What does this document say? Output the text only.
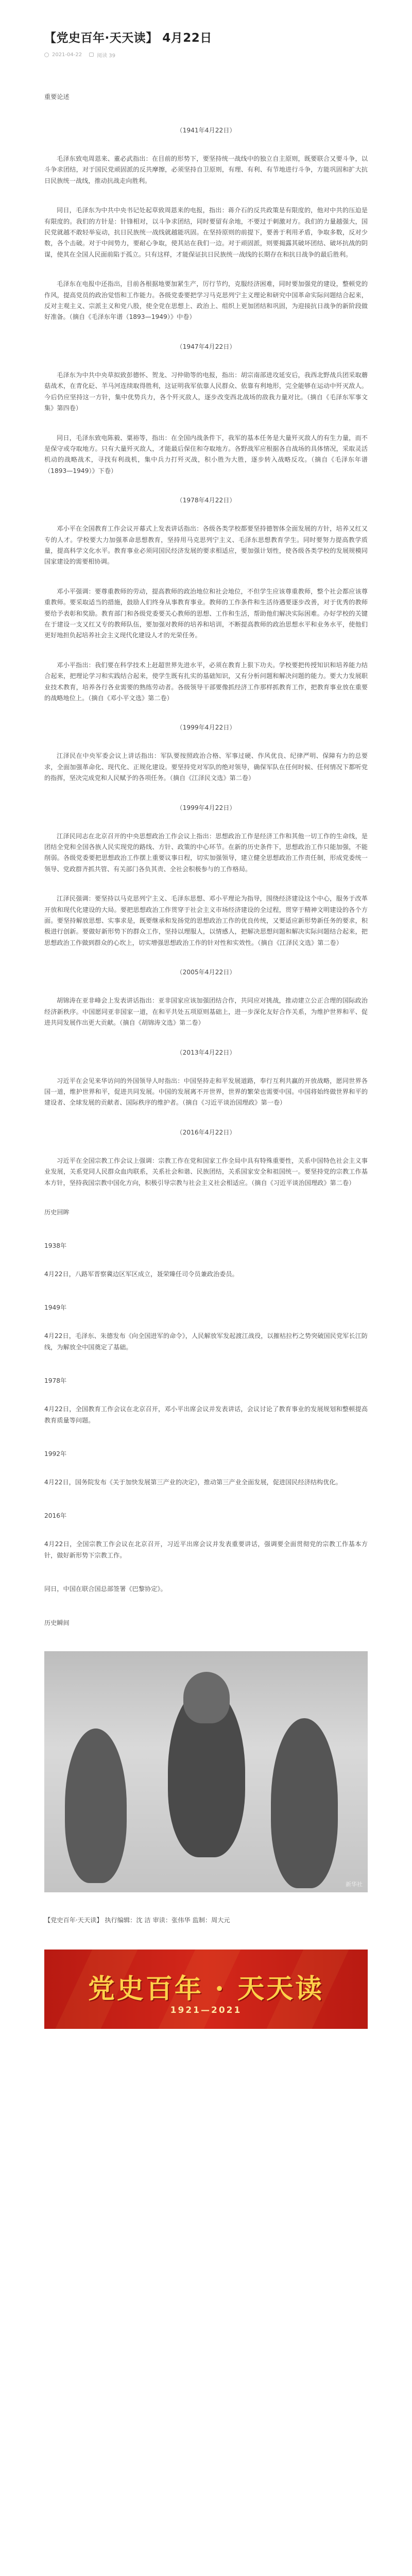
【党史百年·天天读】 4月22日
2021-04-22	阅读 39
重要论述
（1941年4月22日）
毛泽东致电周恩来、董必武指出：在目前的形势下，要坚持统一战线中的独立自主原则，既要联合又要斗争，以斗争求团结，对于国民党顽固派的反共摩擦，必须坚持自卫原则，有理、有利、有节地进行斗争，方能巩固和扩大抗日民族统一战线，推动抗战走向胜利。
同日，毛泽东为中共中央书记处起草致周恩来的电报，指出：蒋介石的反共政策是有限度的，他对中共的压迫是有限度的。我们的方针是：针锋相对，以斗争求团结，同时要留有余地，不要过于刺激对方。我们的力量越强大，国民党就越不敢轻举妄动，抗日民族统一战线就越能巩固。在坚持原则的前提下，要善于利用矛盾，争取多数，反对少数，各个击破。对于中间势力，要耐心争取，使其站在我们一边。对于顽固派，则要揭露其破坏团结、破坏抗战的阴谋，使其在全国人民面前陷于孤立。只有这样，才能保证抗日民族统一战线的长期存在和抗日战争的最后胜利。
毛泽东在电报中还指出，目前各根据地要加紧生产，厉行节约，克服经济困难，同时要加强党的建设，整顿党的作风，提高党员的政治觉悟和工作能力。各级党委要把学习马克思列宁主义理论和研究中国革命实际问题结合起来，反对主观主义、宗派主义和党八股，使全党在思想上、政治上、组织上更加团结和巩固，为迎接抗日战争的新阶段做好准备。（摘自《毛泽东年谱（1893—1949）》中卷）
（1947年4月22日）
毛泽东为中共中央草拟致彭德怀、贺龙、习仲勋等的电报，指出：胡宗南部进攻延安后，我西北野战兵团采取蘑菇战术，在青化砭、羊马河连续取得胜利，这证明我军依靠人民群众、依靠有利地形，完全能够在运动中歼灭敌人。今后仍应坚持这一方针，集中优势兵力，各个歼灭敌人，逐步改变西北战场的敌我力量对比。（摘自《毛泽东军事文集》第四卷）
同日，毛泽东致电陈毅、粟裕等，指出：在全国内战条件下，我军的基本任务是大量歼灭敌人的有生力量，而不是保守或夺取地方。只有大量歼灭敌人，才能最后保住和夺取地方。各野战军应根据各自战场的具体情况，采取灵活机动的战略战术，寻找有利战机，集中兵力打歼灭战，积小胜为大胜，逐步转入战略反攻。（摘自《毛泽东年谱（1893—1949）》下卷）
（1978年4月22日）
邓小平在全国教育工作会议开幕式上发表讲话指出：各级各类学校都要坚持德智体全面发展的方针，培养又红又专的人才。学校要大力加强革命思想教育，坚持用马克思列宁主义、毛泽东思想教育学生。同时要努力提高教学质量，提高科学文化水平。教育事业必须同国民经济发展的要求相适应，要加强计划性，使各级各类学校的发展规模同国家建设的需要相协调。
邓小平强调：要尊重教师的劳动，提高教师的政治地位和社会地位，不但学生应该尊重教师，整个社会都应该尊重教师。要采取适当的措施，鼓励人们终身从事教育事业。教师的工作条件和生活待遇要逐步改善，对于优秀的教师要给予表彰和奖励。教育部门和各级党委要关心教师的思想、工作和生活，帮助他们解决实际困难。办好学校的关键在于建设一支又红又专的教师队伍，要加强对教师的培养和培训，不断提高教师的政治思想水平和业务水平，使他们更好地担负起培养社会主义现代化建设人才的光荣任务。
邓小平指出：我们要在科学技术上赶超世界先进水平，必须在教育上狠下功夫。学校要把传授知识和培养能力结合起来，把理论学习和实践结合起来，使学生既有扎实的基础知识，又有分析问题和解决问题的能力。要大力发展职业技术教育，培养各行各业需要的熟练劳动者。各级领导干部要像抓经济工作那样抓教育工作，把教育事业放在重要的战略地位上。（摘自《邓小平文选》第二卷）
（1999年4月22日）
江泽民在中央军委会议上讲话指出：军队要按照政治合格、军事过硬、作风优良、纪律严明、保障有力的总要求，全面加强革命化、现代化、正规化建设。要坚持党对军队的绝对领导，确保军队在任何时候、任何情况下都听党的指挥，坚决完成党和人民赋予的各项任务。（摘自《江泽民文选》第二卷）
（1999年4月22日）
江泽民同志在北京召开的中央思想政治工作会议上指出：思想政治工作是经济工作和其他一切工作的生命线，是团结全党和全国各族人民实现党的路线、方针、政策的中心环节。在新的历史条件下，思想政治工作只能加强，不能削弱。各级党委要把思想政治工作摆上重要议事日程，切实加强领导，建立健全思想政治工作责任制，形成党委统一领导、党政群齐抓共管、有关部门各负其责、全社会积极参与的工作格局。
江泽民强调：要坚持以马克思列宁主义、毛泽东思想、邓小平理论为指导，围绕经济建设这个中心，服务于改革开放和现代化建设的大局。要把思想政治工作贯穿于社会主义市场经济建设的全过程，贯穿于精神文明建设的各个方面。要坚持解放思想、实事求是，既要继承和发扬党的思想政治工作的优良传统，又要适应新形势新任务的要求，积极进行创新。要做好新形势下的群众工作，坚持以理服人，以情感人，把解决思想问题和解决实际问题结合起来，把思想政治工作做到群众的心坎上，切实增强思想政治工作的针对性和实效性。（摘自《江泽民文选》第二卷）
（2005年4月22日）
胡锦涛在亚非峰会上发表讲话指出：亚非国家应该加强团结合作，共同应对挑战，推动建立公正合理的国际政治经济新秩序。中国愿同亚非国家一道，在和平共处五项原则基础上，进一步深化友好合作关系，为维护世界和平、促进共同发展作出更大贡献。（摘自《胡锦涛文选》第二卷）
（2013年4月22日）
习近平在会见来华访问的外国领导人时指出：中国坚持走和平发展道路，奉行互利共赢的开放战略，愿同世界各国一道，维护世界和平，促进共同发展。中国的发展离不开世界，世界的繁荣也需要中国。中国将始终做世界和平的建设者、全球发展的贡献者、国际秩序的维护者。（摘自《习近平谈治国理政》第一卷）
（2016年4月22日）
习近平在全国宗教工作会议上强调：宗教工作在党和国家工作全局中具有特殊重要性，关系中国特色社会主义事业发展，关系党同人民群众血肉联系，关系社会和谐、民族团结，关系国家安全和祖国统一。要坚持党的宗教工作基本方针，坚持我国宗教中国化方向，积极引导宗教与社会主义社会相适应。（摘自《习近平谈治国理政》第二卷）
历史回眸
1938年
4月22日，八路军晋察冀边区军区成立，聂荣臻任司令员兼政治委员。
1949年
4月22日，毛泽东、朱德发布《向全国进军的命令》，人民解放军发起渡江战役，以摧枯拉朽之势突破国民党军长江防线，为解放全中国奠定了基础。
1978年
4月22日，全国教育工作会议在北京召开，邓小平出席会议并发表讲话，会议讨论了教育事业的发展规划和整顿提高教育质量等问题。
1992年
4月22日，国务院发布《关于加快发展第三产业的决定》，推动第三产业全面发展，促进国民经济结构优化。
2016年
4月22日，全国宗教工作会议在北京召开，习近平出席会议并发表重要讲话，强调要全面贯彻党的宗教工作基本方针，做好新形势下宗教工作。
同日，中国在联合国总部签署《巴黎协定》。
历史瞬间
新华社
【党史百年·天天读】 执行编辑：沈 洁 审读：张伟华 监制：周大元
党史百年 · 天天读
1921—2021
